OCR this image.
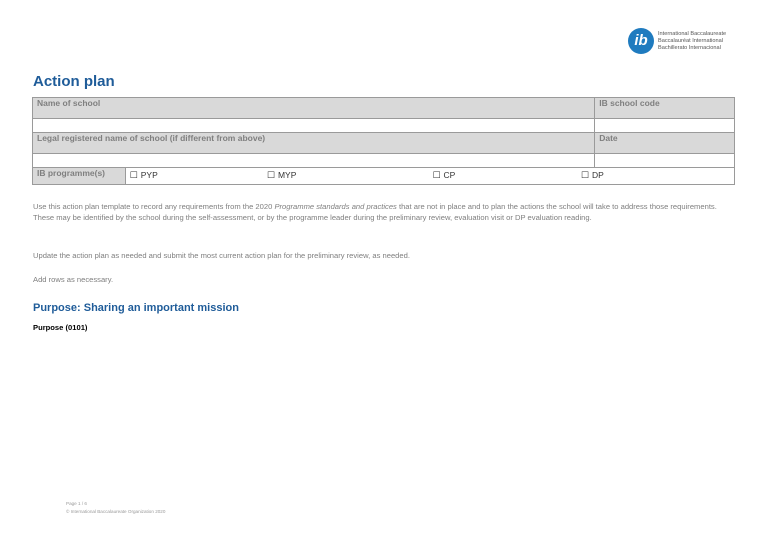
ib	International Baccalaureate
Baccalauréat International
Bachillerato Internacional
Action plan
Name of school					IB school code

Legal registered name of school (if different from above)					Date

IB programme(s)	☐ PYP	☐ MYP	☐ CP	☐ DP	

Use this action plan template to record any requirements from the 2020 Programme standards and practices that are not in place and to plan the actions the school will take to address those requirements. These may be identified by the school during the self-assessment, or by the programme leader during the preliminary review, evaluation visit or DP evaluation reading.

Update the action plan as needed and submit the most current action plan for the preliminary review, as needed.

Add rows as necessary.

Purpose: Sharing an important mission
Purpose (0101)
Page 1 / 6
© International Baccalaureate Organization 2020
